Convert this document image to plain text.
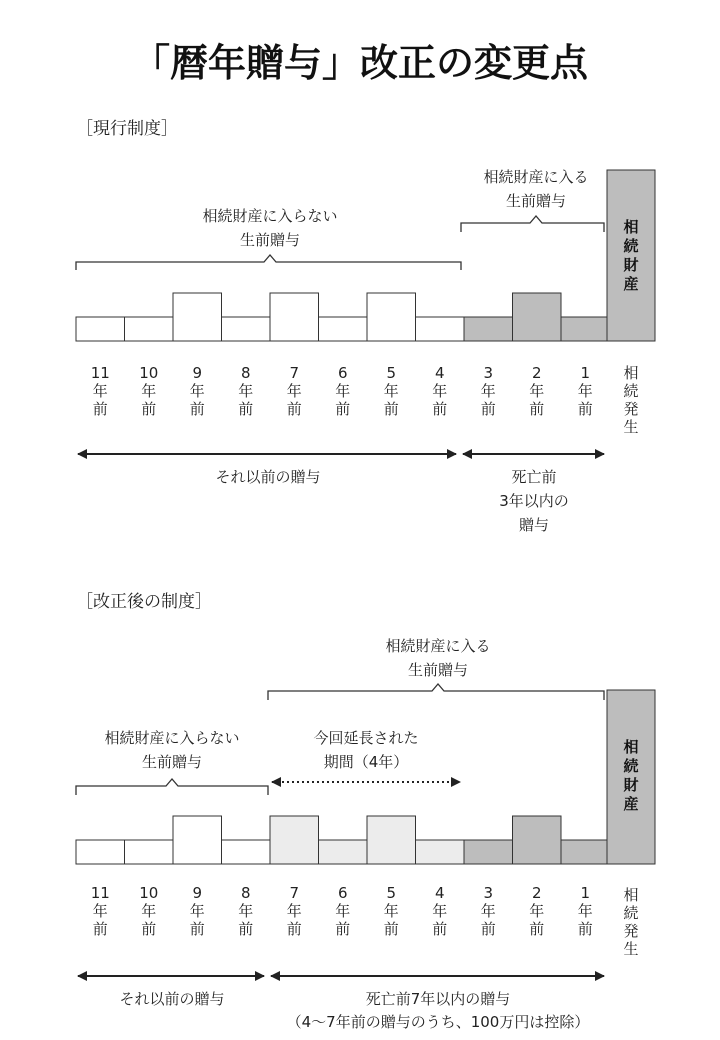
「暦年贈与」改正の変更点
［現行制度］
相続財産に入らない
生前贈与
相続財産に入る
生前贈与
相
続
財
産
11 年前
10 年前
9 年前
8 年前
7 年前
6 年前
5 年前
4 年前
3 年前
2 年前
1 年前
相
続
発
生
それ以前の贈与	死亡前
3年以内の
贈与
［改正後の制度］
相続財産に入る
生前贈与
相続財産に入らない
生前贈与
今回延長された
期間（4年）
相
続
財
産
11 年前
10 年前
9 年前
8 年前
7 年前
6 年前
5 年前
4 年前
3 年前
2 年前
1 年前
相
続
発
生
それ以前の贈与	死亡前7年以内の贈与
（4～7年前の贈与のうち、100万円は控除）
